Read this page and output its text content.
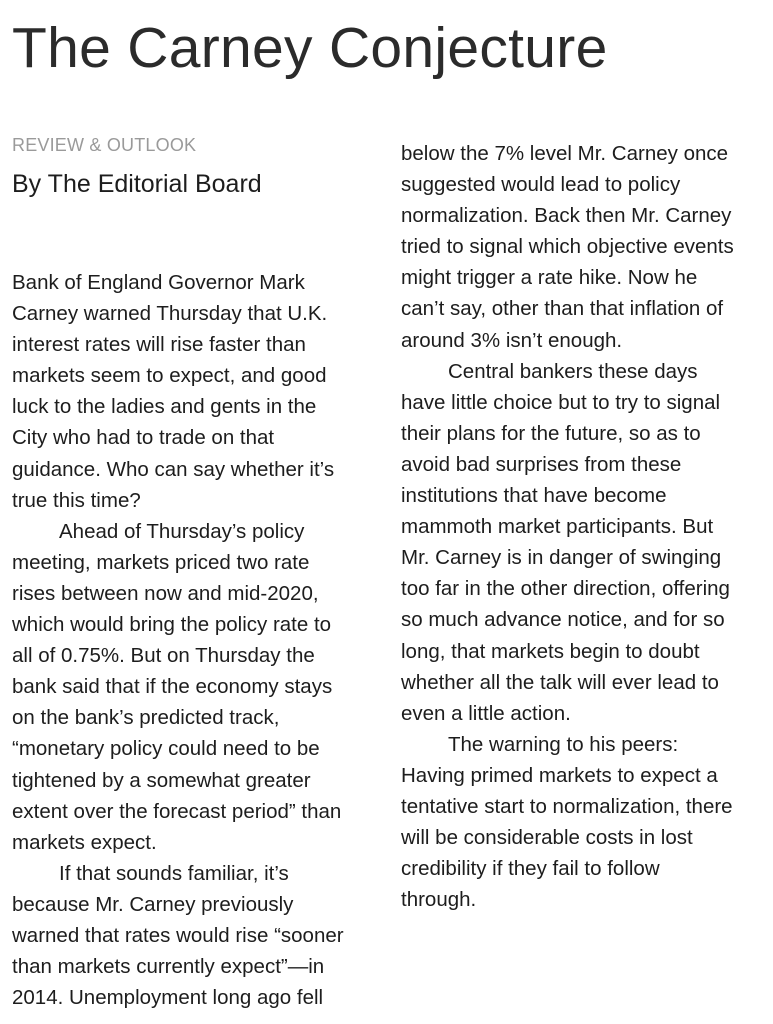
The Carney Conjecture
REVIEW & OUTLOOK
By The Editorial Board

Bank of England Governor Mark
Carney warned Thursday that U.K.
interest rates will rise faster than
markets seem to expect, and good
luck to the ladies and gents in the
City who had to trade on that
guidance. Who can say whether it’s
true this time?

Ahead of Thursday’s policy
meeting, markets priced two rate
rises between now and mid-2020,
which would bring the policy rate to
all of 0.75%. But on Thursday the
bank said that if the economy stays
on the bank’s predicted track,
“monetary policy could need to be
tightened by a somewhat greater
extent over the forecast period” than
markets expect.

If that sounds familiar, it’s
because Mr. Carney previously
warned that rates would rise “sooner
than markets currently expect”—in
2014. Unemployment long ago fell

below the 7% level Mr. Carney once
suggested would lead to policy
normalization. Back then Mr. Carney
tried to signal which objective events
might trigger a rate hike. Now he
can’t say, other than that inflation of
around 3% isn’t enough.

Central bankers these days
have little choice but to try to signal
their plans for the future, so as to
avoid bad surprises from these
institutions that have become
mammoth market participants. But
Mr. Carney is in danger of swinging
too far in the other direction, offering
so much advance notice, and for so
long, that markets begin to doubt
whether all the talk will ever lead to
even a little action.

The warning to his peers:
Having primed markets to expect a
tentative start to normalization, there
will be considerable costs in lost
credibility if they fail to follow
through.
